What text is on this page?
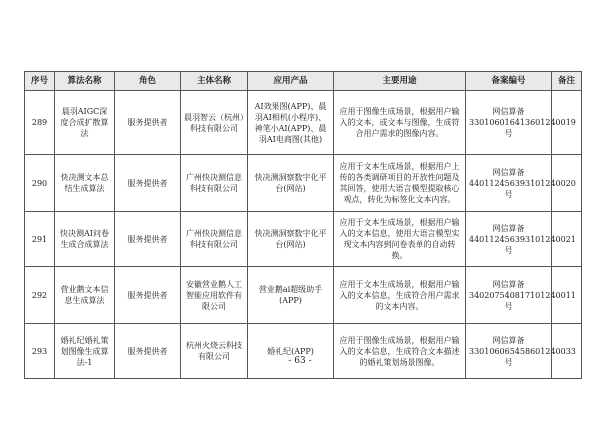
序号	算法名称	角色	主体名称	应用产品	主要用途	备案编号	备注
289	晨羽AIGC深度合成扩散算法	服务提供者	晨羽智云（杭州）科技有限公司	AI效果图(APP)、晨羽AI相机(小程序)、神笔小AI(APP)、晨羽AI电商图(其他)	应用于图像生成场景，根据用户输入的文本，或文本与图像，生成符合用户需求的图像内容。	网信算备330106016413601240019号	
290	快决测文本总结生成算法	服务提供者	广州快决测信息科技有限公司	快决测洞察数字化平台(网站)	应用于文本生成场景，根据用户上传的各类调研项目的开放性问题及其回答，使用大语言模型提取核心观点，转化为标签化文本内容。	网信算备440112456393101240020号	
291	快决测AI问卷生成合成算法	服务提供者	广州快决测信息科技有限公司	快决测洞察数字化平台(网站)	应用于文本生成场景，根据用户输入的文本信息，使用大语言模型实现文本内容到问卷表单的自动转换。	网信算备440112456393101240021号	
292	营业鹅文本信息生成算法	服务提供者	安徽营业鹅人工智能应用软件有限公司	营业鹅ai超级助手(APP)	应用于文本生成场景，根据用户输入的文本信息，生成符合用户需求的文本内容。	网信算备340207540817101240011号	
293	婚礼纪婚礼策划图像生成算法-1	服务提供者	杭州火烧云科技有限公司	婚礼纪(APP)	应用于图像生成场景，根据用户输入的文本信息，生成符合文本描述的婚礼策划场景图像。	网信算备330106065458601240033号	
- 63 -
